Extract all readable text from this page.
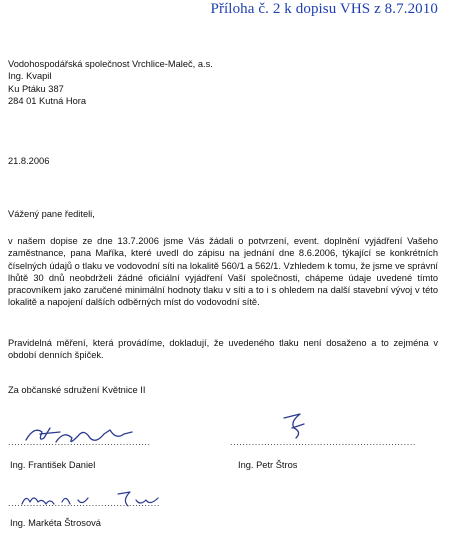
Příloha č. 2 k dopisu VHS z 8.7.2010
Vodohospodářská společnost Vrchlice-Maleč, a.s.
Ing. Kvapil
Ku Ptáku 387
284 01 Kutná Hora
21.8.2006
Vážený pane řediteli,
v našem dopise ze dne 13.7.2006 jsme Vás žádali o potvrzení, event. doplnění vyjádření Vašeho zaměstnance, pana Maříka, které uvedl do zápisu na jednání dne 8.6.2006, týkající se konkrétních číselných údajů o tlaku ve vodovodní síti na lokalitě 560/1 a 562/1. Vzhledem k tomu, že jsme ve správní lhůtě 30 dnů neobdrželi žádné oficiální vyjádření Vaší společnosti, chápeme údaje uvedené tímto pracovníkem jako zaručené minimální hodnoty tlaku v síti a to i s ohledem na další stavební vývoj v této lokalitě a napojení dalších odběrných míst do vodovodní sítě.
Pravidelná měření, která provádíme, dokladují, že uvedeného tlaku není dosaženo a to zejména v období denních špiček.
Za občanské sdružení Květnice II
..............................................
Ing. František Daniel
............................................................
Ing. Petr Štros
.................................................
Ing. Markéta Štrosová
